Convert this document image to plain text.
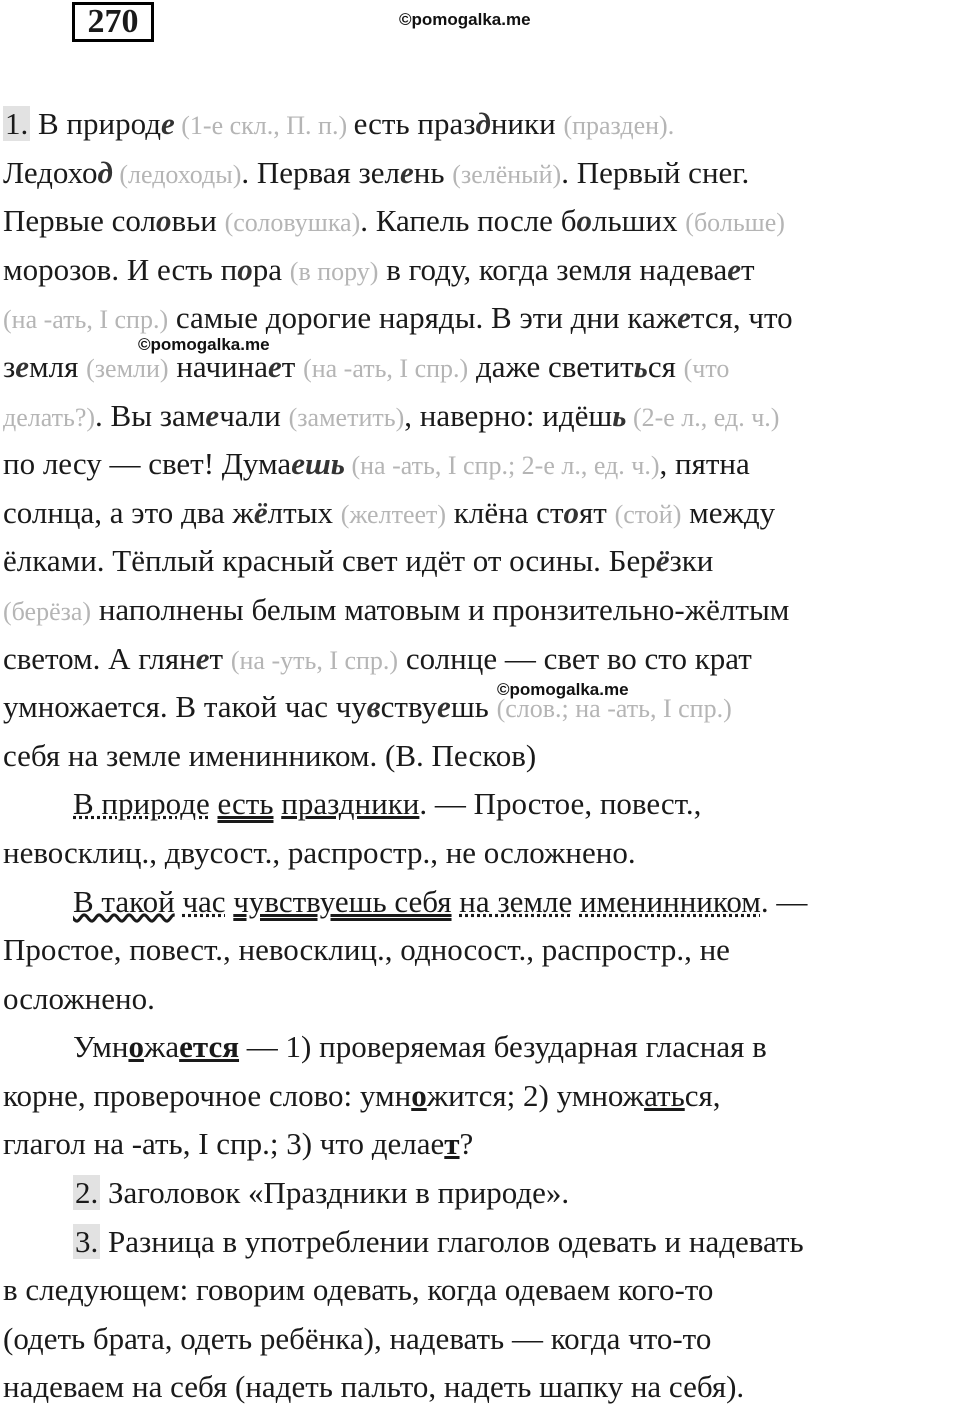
270	©pomogalka.me
©pomogalka.me
©pomogalka.me
1. В природе (1-е скл., П. п.) есть праздники (празден).
Ледоход (ледоходы). Первая зелень (зелёный). Первый снег.
Первые соловьи (соловушка). Капель после больших (больше)
морозов. И есть пора (в пору) в году, когда земля надевает
(на -ать, I спр.) самые дорогие наряды. В эти дни кажется, что
земля (земли) начинает (на -ать, I спр.) даже светиться (что
делать?). Вы замечали (заметить), наверно: идёшь (2-е л., ед. ч.)
по лесу — свет! Думаешь (на -ать, I спр.; 2-е л., ед. ч.), пятна
солнца, а это два жёлтых (желтеет) клёна стоят (стой) между
ёлками. Тёплый красный свет идёт от осины. Берёзки
(берёза) наполнены белым матовым и пронзительно-жёлтым
светом. А глянет (на -уть, I спр.) солнце — свет во сто крат
умножается. В такой час чувствуешь (слов.; на -ать, I спр.)
себя на земле именинником. (В. Песков)
В природе есть праздники. — Простое, повест.,
невосклиц., двусост., распростр., не осложнено.
В такой час чувствуешь себя на земле именинником. —
Простое, повест., невосклиц., односост., распростр., не
осложнено.
Умножается — 1) проверяемая безударная гласная в
корне, проверочное слово: умножится; 2) умножаться,
глагол на -ать, I спр.; 3) что делает?
2. Заголовок «Праздники в природе».
3. Разница в употреблении глаголов одевать и надевать
в следующем: говорим одевать, когда одеваем кого-то
(одеть брата, одеть ребёнка), надевать — когда что-то
надеваем на себя (надеть пальто, надеть шапку на себя).
